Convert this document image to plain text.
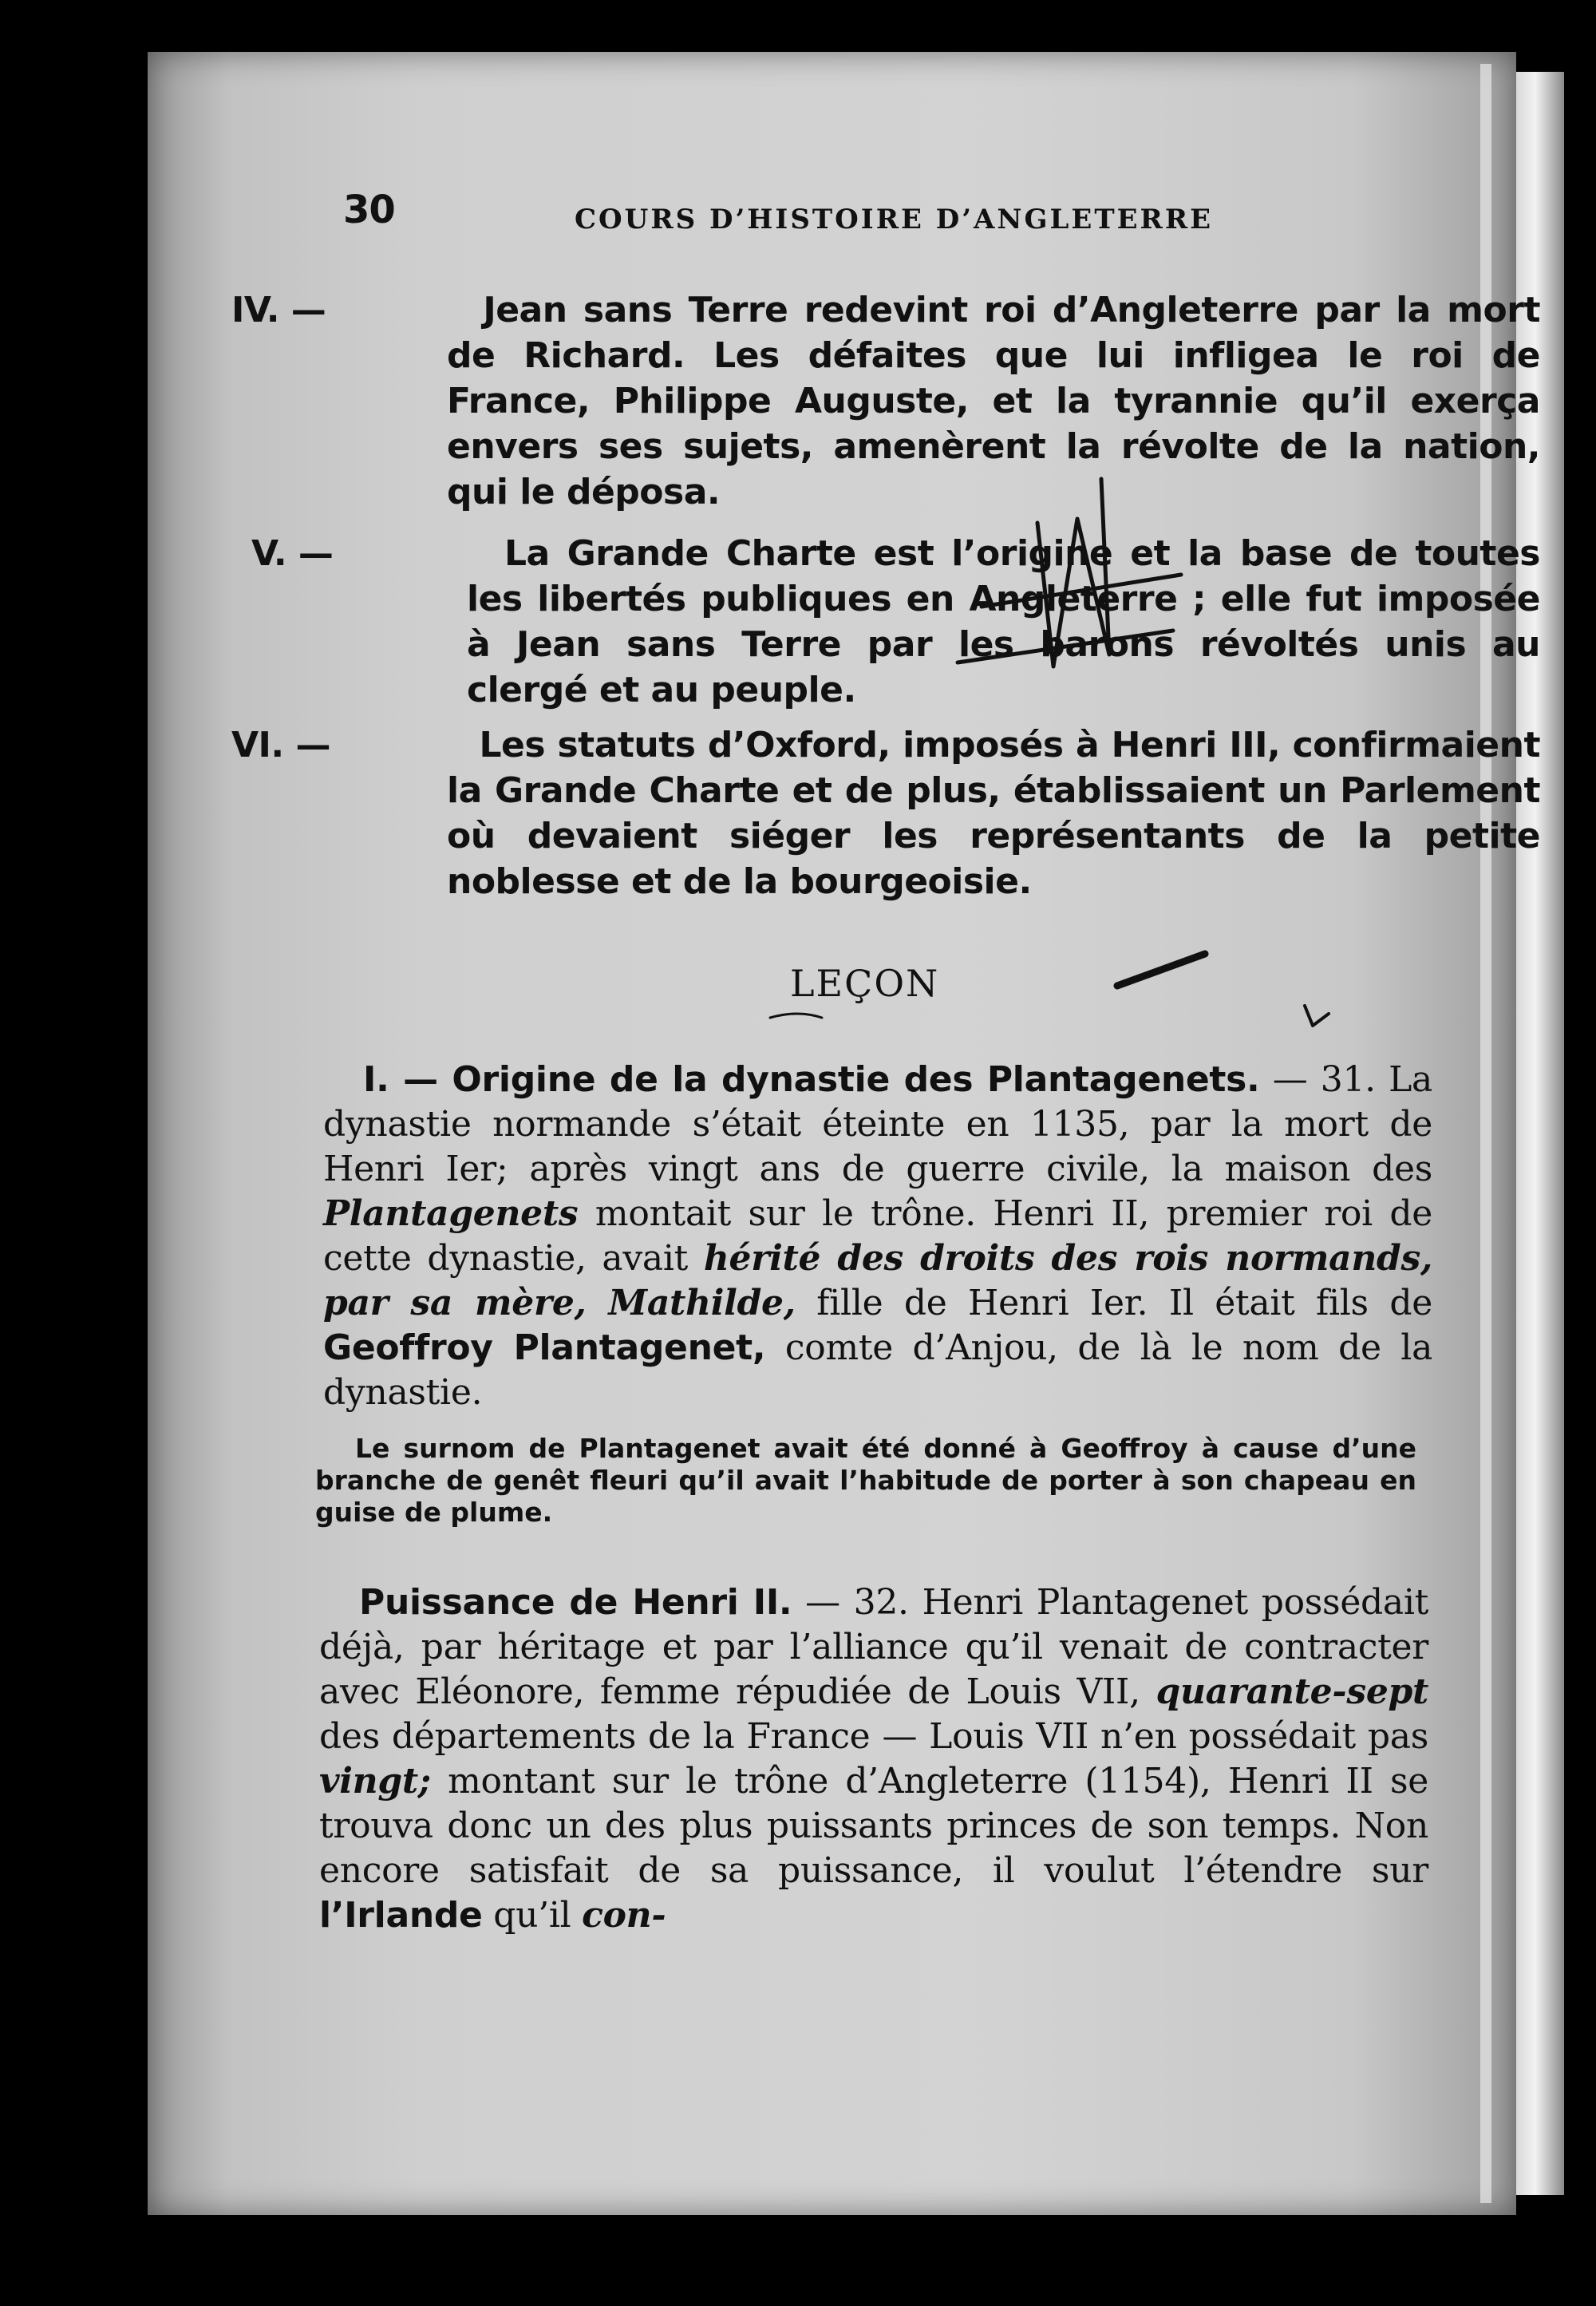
30	COURS D’HISTOIRE D’ANGLETERRE
IV. —	Jean sans Terre redevint roi d’Angleterre par la mort de Richard. Les défaites que lui infligea le roi de France, Philippe Auguste, et la tyrannie qu’il exerça envers ses sujets, amenèrent la révolte de la nation, qui le déposa.
V. —	La Grande Charte est l’origine et la base de toutes les libertés publiques en Angleterre ; elle fut imposée à Jean sans Terre par les barons révoltés unis au clergé et au peuple.
VI. —	Les statuts d’Oxford, imposés à Henri III, confirmaient la Grande Charte et de plus, établissaient un Parlement où devaient siéger les représentants de la petite noblesse et de la bourgeoisie.
LEÇON
I. — Origine de la dynastie des Plantagenets. — 31. La dynastie normande s’était éteinte en 1135, par la mort de Henri Ier; après vingt ans de guerre civile, la maison des Plantagenets montait sur le trône. Henri II, premier roi de cette dynastie, avait hérité des droits des rois normands, par sa mère, Mathilde, fille de Henri Ier. Il était fils de Geoffroy Plantagenet, comte d’Anjou, de là le nom de la dynastie.
Le surnom de Plantagenet avait été donné à Geoffroy à cause d’une branche de genêt fleuri qu’il avait l’habitude de porter à son chapeau en guise de plume.
Puissance de Henri II. — 32. Henri Plantagenet possédait déjà, par héritage et par l’alliance qu’il venait de contracter avec Eléonore, femme répudiée de Louis VII, quarante-sept des départements de la France — Louis VII n’en possédait pas vingt; montant sur le trône d’Angleterre (1154), Henri II se trouva donc un des plus puissants princes de son temps. Non encore satisfait de sa puissance, il voulut l’étendre sur l’Irlande qu’il con-
